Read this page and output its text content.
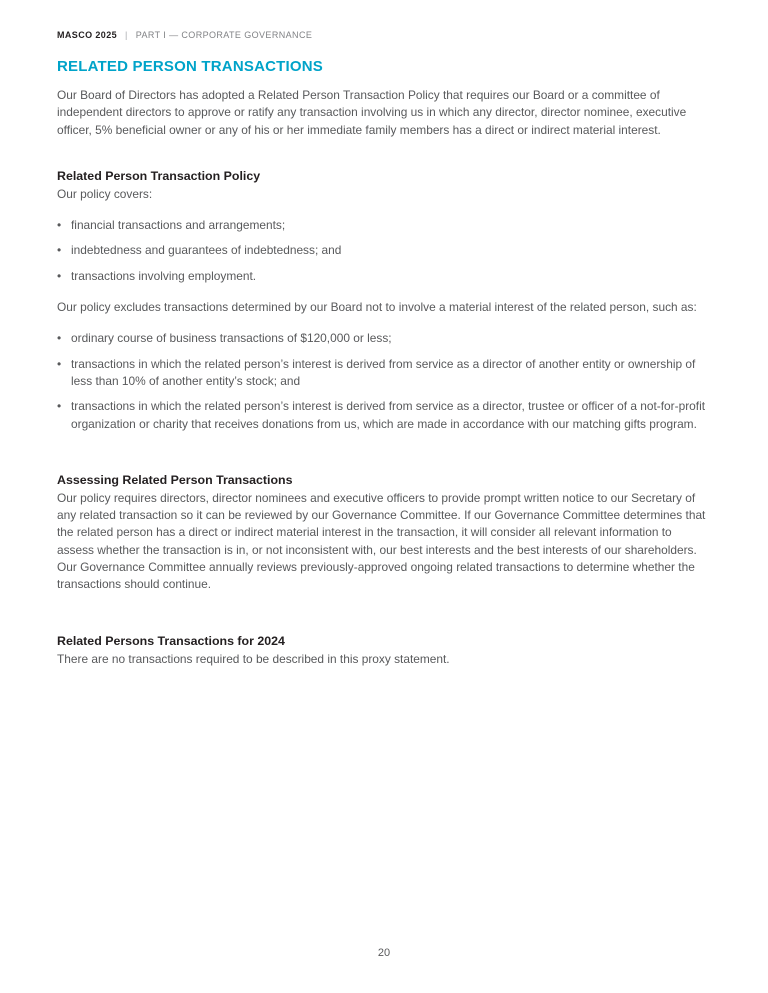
MASCO 2025 | PART I — CORPORATE GOVERNANCE
RELATED PERSON TRANSACTIONS

Our Board of Directors has adopted a Related Person Transaction Policy that requires our Board or a committee of independent directors to approve or ratify any transaction involving us in which any director, director nominee, executive officer, 5% beneficial owner or any of his or her immediate family members has a direct or indirect material interest.

Related Person Transaction Policy

Our policy covers:

• financial transactions and arrangements;
• indebtedness and guarantees of indebtedness; and
• transactions involving employment.

Our policy excludes transactions determined by our Board not to involve a material interest of the related person, such as:

• ordinary course of business transactions of $120,000 or less;
• transactions in which the related person’s interest is derived from service as a director of another entity or ownership of less than 10% of another entity’s stock; and
• transactions in which the related person’s interest is derived from service as a director, trustee or officer of a not-for-profit organization or charity that receives donations from us, which are made in accordance with our matching gifts program.
Assessing Related Person Transactions

Our policy requires directors, director nominees and executive officers to provide prompt written notice to our Secretary of any related transaction so it can be reviewed by our Governance Committee. If our Governance Committee determines that the related person has a direct or indirect material interest in the transaction, it will consider all relevant information to assess whether the transaction is in, or not inconsistent with, our best interests and the best interests of our shareholders. Our Governance Committee annually reviews previously-approved ongoing related transactions to determine whether the transactions should continue.

Related Persons Transactions for 2024

There are no transactions required to be described in this proxy statement.

20
